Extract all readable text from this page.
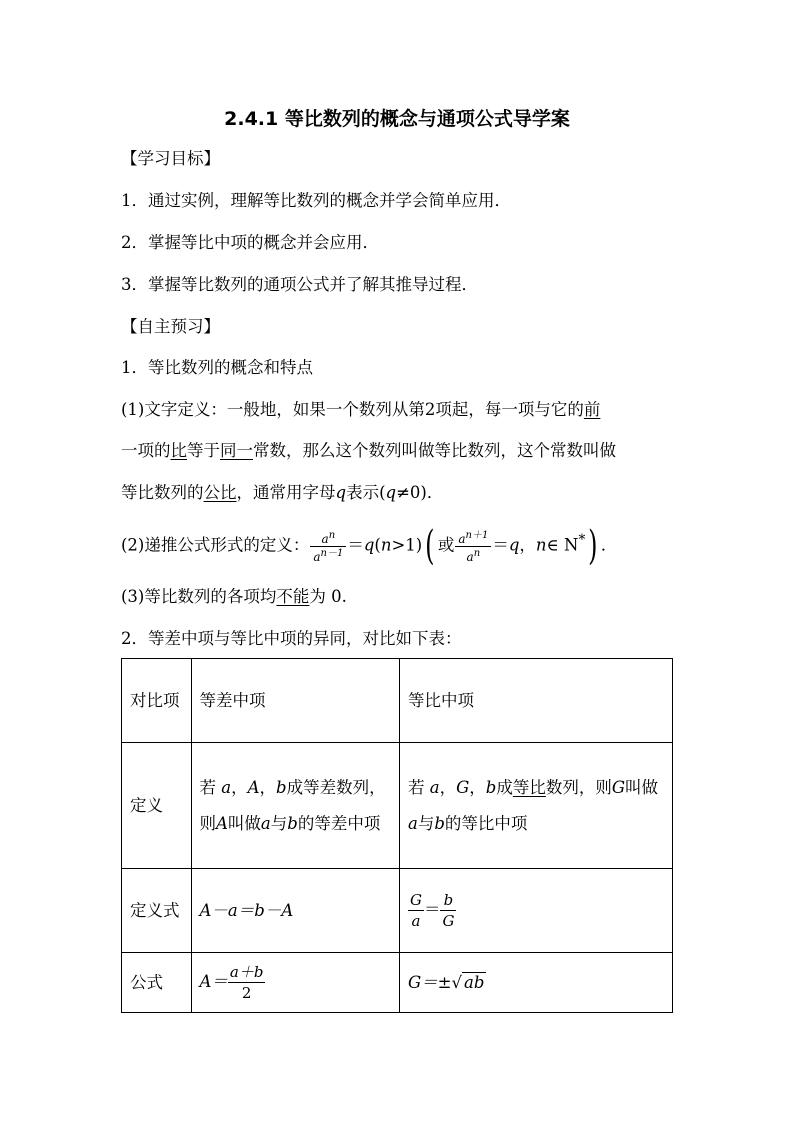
2.4.1 等比数列的概念与通项公式导学案
【学习目标】
1．通过实例，理解等比数列的概念并学会简单应用．
2．掌握等比中项的概念并会应用．
3．掌握等比数列的通项公式并了解其推导过程．
【自主预习】
1．等比数列的概念和特点
(1)文字定义：一般地，如果一个数列从第2项起，每一项与它的前
一项的比等于同一常数，那么这个数列叫做等比数列，这个常数叫做
等比数列的公比，通常用字母q表示(q≠0)．
(2)递推公式形式的定义： $\frac{a^n}{a^{n-1}} =q(n>1)$( 或 $\frac{a^{n+1}}{a^n} =q$，n∈ N*) ．
(3)等比数列的各项均不能为 0.
2．等差中项与等比中项的异同，对比如下表：
对比项	等差中项	等比中项
定义	若 a，A，b成等差数列，则A叫做a与b的等差中项	若 a，G，b成等比数列，则G叫做a与b的等比中项
定义式	A－a＝b－A	$\frac{G}{a} = \frac{b}{G}$

公式	$A= \frac{a+b}{2}$	G＝±√ ab
